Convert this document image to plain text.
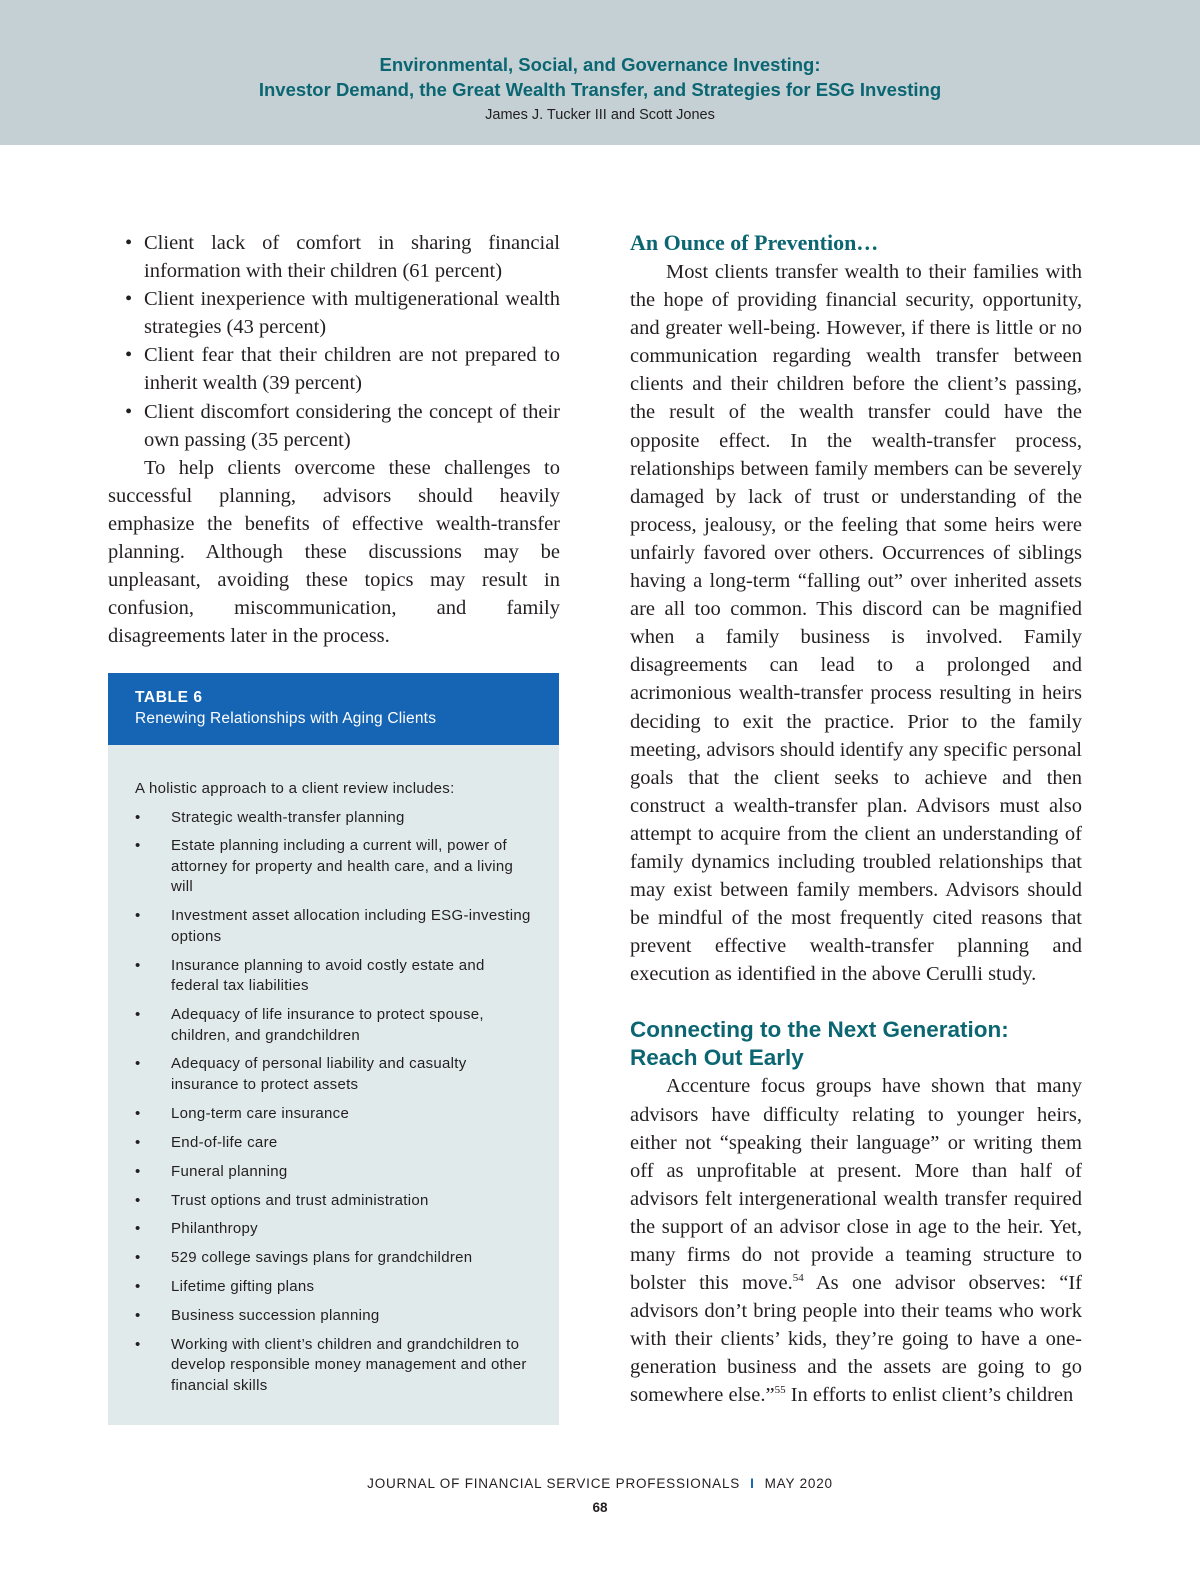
Environmental, Social, and Governance Investing:
Investor Demand, the Great Wealth Transfer, and Strategies for ESG Investing
James J. Tucker III and Scott Jones
• Client lack of comfort in sharing financial information with their children (61 percent)
• Client inexperience with multigenerational wealth strategies (43 percent)
• Client fear that their children are not prepared to inherit wealth (39 percent)
• Client discomfort considering the concept of their own passing (35 percent)

To help clients overcome these challenges to successful planning, advisors should heavily emphasize the benefits of effective wealth-transfer planning. Although these discussions may be unpleasant, avoiding these topics may result in confusion, miscommunication, and family disagreements later in the process.

TABLE 6
Renewing Relationships with Aging Clients

A holistic approach to a client review includes:

• Strategic wealth-transfer planning
• Estate planning including a current will, power of attorney for property and health care, and a living will
• Investment asset allocation including ESG-investing options
• Insurance planning to avoid costly estate and federal tax liabilities
• Adequacy of life insurance to protect spouse, children, and grandchildren
• Adequacy of personal liability and casualty insurance to protect assets
• Long-term care insurance
• End-of-life care
• Funeral planning
• Trust options and trust administration
• Philanthropy
• 529 college savings plans for grandchildren
• Lifetime gifting plans
• Business succession planning
• Working with client’s children and grandchildren to develop responsible money management and other financial skills
An Ounce of Prevention…

Most clients transfer wealth to their families with the hope of providing financial security, opportunity, and greater well-being. However, if there is little or no communication regarding wealth transfer between clients and their children before the client’s passing, the result of the wealth transfer could have the opposite effect. In the wealth-transfer process, relationships between family members can be severely damaged by lack of trust or understanding of the process, jealousy, or the feeling that some heirs were unfairly favored over others. Occurrences of siblings having a long-term “falling out” over inherited assets are all too common. This discord can be magnified when a family business is involved. Family disagreements can lead to a prolonged and acrimonious wealth-transfer process resulting in heirs deciding to exit the practice. Prior to the family meeting, advisors should identify any specific personal goals that the client seeks to achieve and then construct a wealth-transfer plan. Advisors must also attempt to acquire from the client an understanding of family dynamics including troubled relationships that may exist between family members. Advisors should be mindful of the most frequently cited reasons that prevent effective wealth-transfer planning and execution as identified in the above Cerulli study.

Connecting to the Next Generation:
Reach Out Early

Accenture focus groups have shown that many advisors have difficulty relating to younger heirs, either not “speaking their language” or writing them off as unprofitable at present. More than half of advisors felt intergenerational wealth transfer required the support of an advisor close in age to the heir. Yet, many firms do not provide a teaming structure to bolster this move.$^{54}$ As one advisor observes: “If advisors don’t bring people into their teams who work with their clients’ kids, they’re going to have a one-generation business and the assets are going to go somewhere else.”$^{55}$ In efforts to enlist client’s children

JOURNAL OF FINANCIAL SERVICE PROFESSIONALS I MAY 2020
68
